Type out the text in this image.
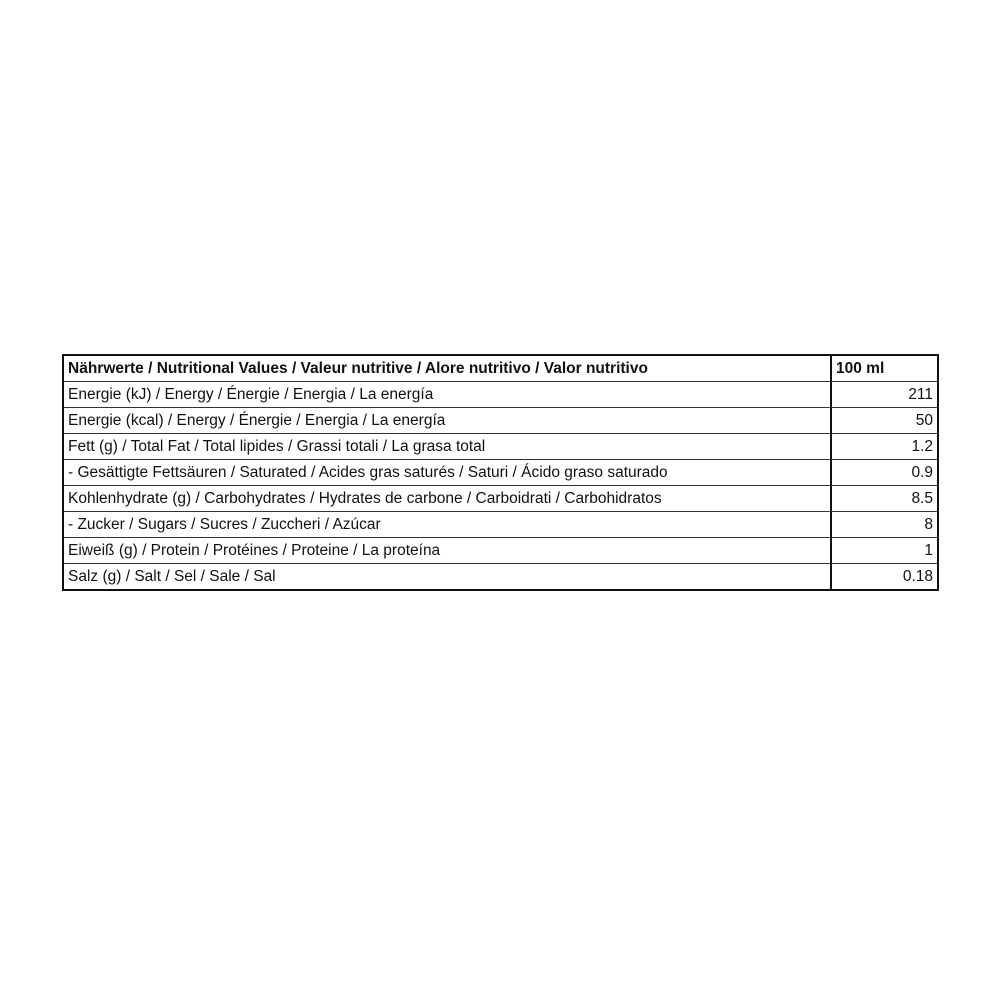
Nährwerte / Nutritional Values / Valeur nutritive / Alore nutritivo / Valor nutritivo	100 ml
Energie (kJ) / Energy / Énergie / Energia / La energía	211
Energie (kcal) / Energy / Énergie / Energia / La energía	50
Fett (g) / Total Fat / Total lipides / Grassi totali / La grasa total	1.2
- Gesättigte Fettsäuren / Saturated / Acides gras saturés / Saturi / Ácido graso saturado	0.9
Kohlenhydrate (g) / Carbohydrates / Hydrates de carbone / Carboidrati / Carbohidratos	8.5
- Zucker / Sugars / Sucres / Zuccheri / Azúcar	8
Eiweiß (g) / Protein / Protéines / Proteine / La proteína	1
Salz (g) / Salt / Sel / Sale / Sal	0.18
